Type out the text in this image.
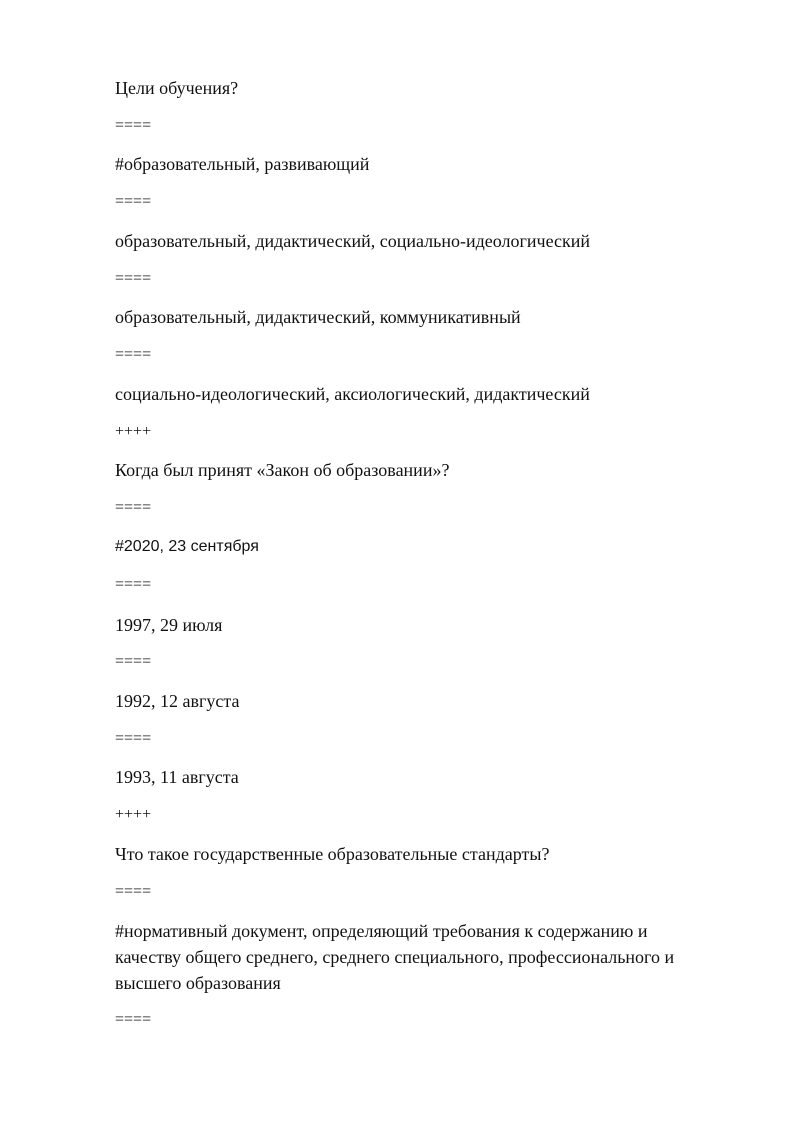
Цели обучения?
====
#образовательный, развивающий
====
образовательный, дидактический, социально-идеологический
====
образовательный, дидактический, коммуникативный
====
социально-идеологический, аксиологический, дидактический
++++
Когда был принят «Закон об образовании»?
====
#2020, 23 сентября
====
1997, 29 июля
====
1992, 12 августа
====
1993, 11 августа
++++
Что такое государственные образовательные стандарты?
====
#нормативный документ, определяющий требования к содержанию и качеству общего среднего, среднего специального, профессионального и высшего образования
====
